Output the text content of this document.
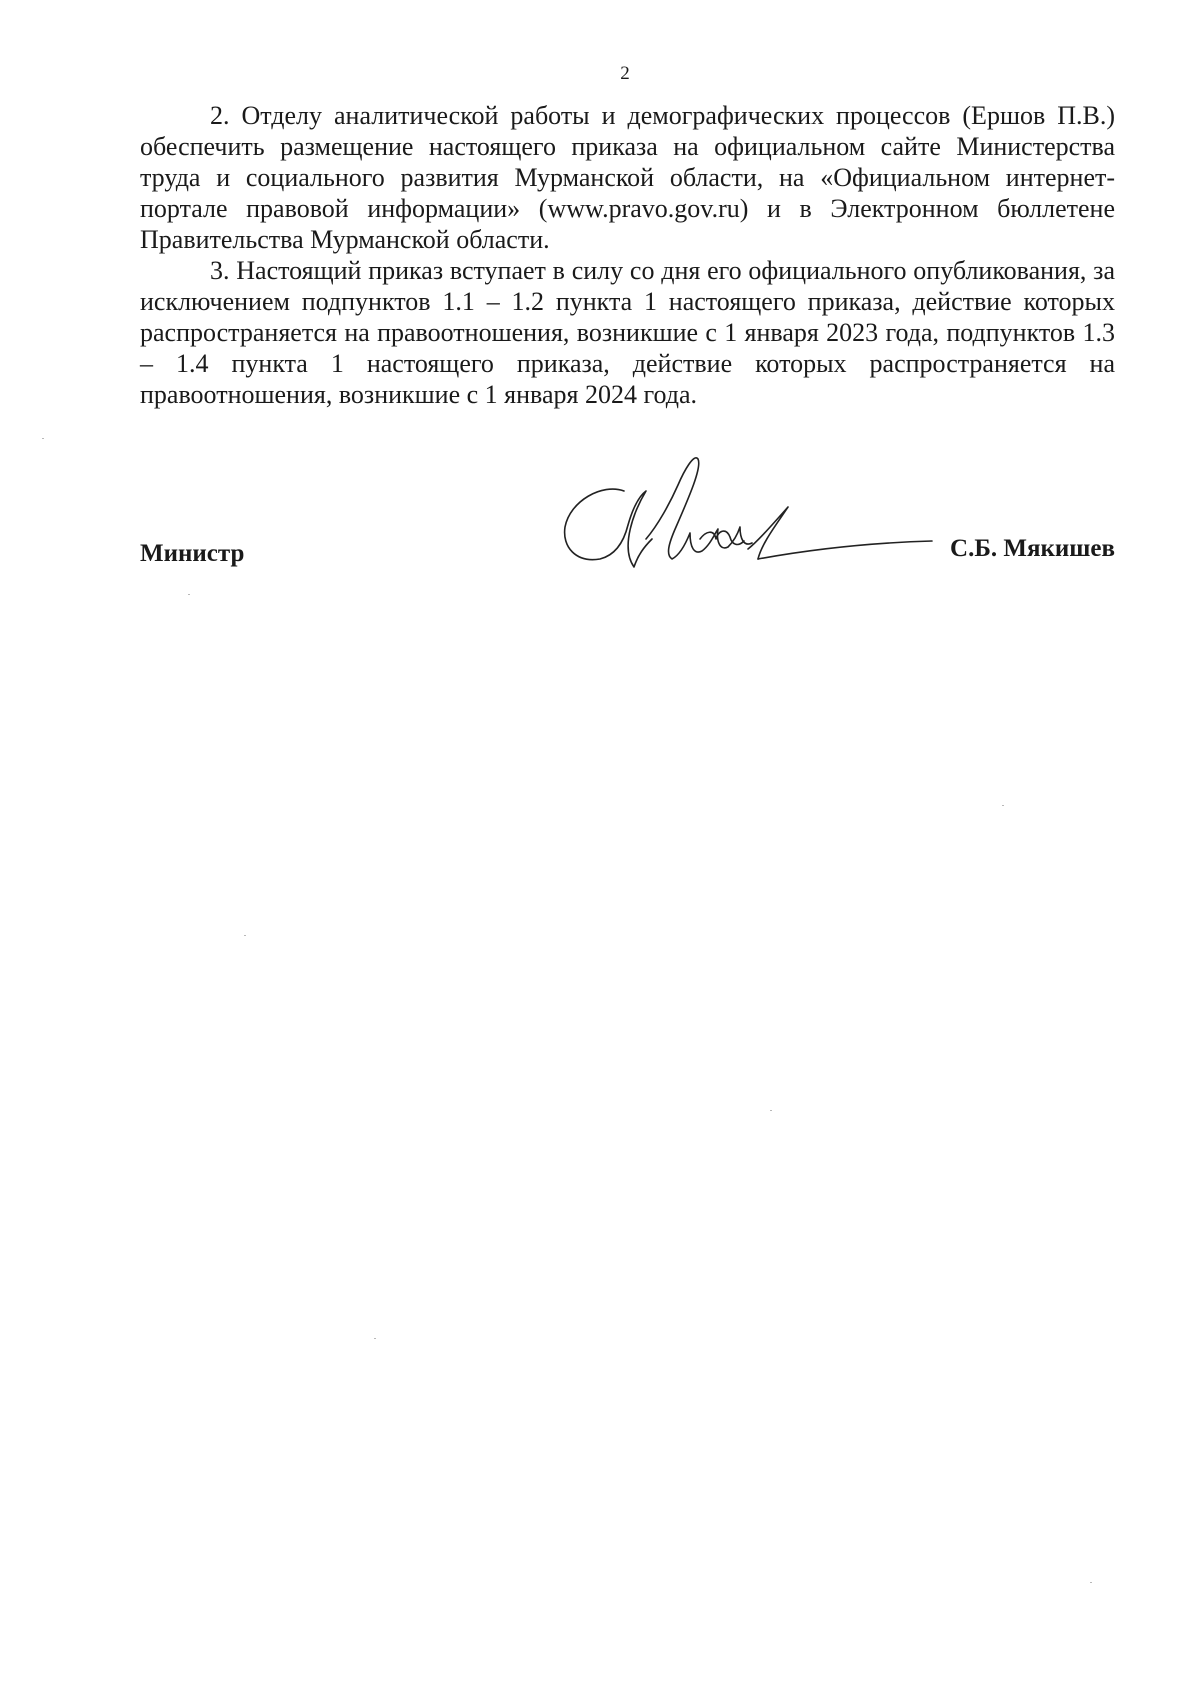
2

2. Отделу аналитической работы и демографических процессов (Ершов П.В.) обеспечить размещение настоящего приказа на официальном сайте Министерства труда и социального развития Мурманской области, на «Официальном интернет-портале правовой информации» (www.pravo.gov.ru) и в Электронном бюллетене Правительства Мурманской области.

3. Настоящий приказ вступает в силу со дня его официального опубликования, за исключением подпунктов 1.1 – 1.2 пункта 1 настоящего приказа, действие которых распространяется на правоотношения, возникшие с 1 января 2023 года, подпунктов 1.3 – 1.4 пункта 1 настоящего приказа, действие которых распространяется на правоотношения, возникшие с 1 января 2024 года.

Министр	С.Б. Мякишев
